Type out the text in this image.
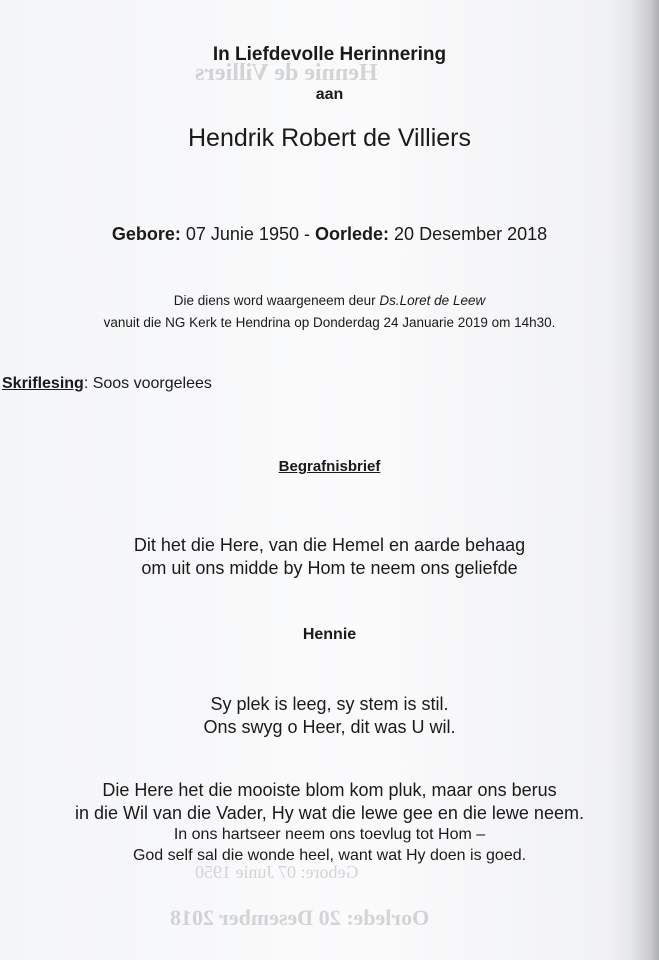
Hennie de Villiers
Gebore: 07 Junie 1950
Oorlede: 20 Desember 2018
In Liefdevolle Herinnering
aan
Hendrik Robert de Villiers
Gebore: 07 Junie 1950 - Oorlede: 20 Desember 2018
Die diens word waargeneem deur Ds.Loret de Leew
vanuit die NG Kerk te Hendrina op Donderdag 24 Januarie 2019 om 14h30.
Skriflesing: Soos voorgelees
Begrafnisbrief
Dit het die Here, van die Hemel en aarde behaag
om uit ons midde by Hom te neem ons geliefde
Hennie
Sy plek is leeg, sy stem is stil.
Ons swyg o Heer, dit was U wil.
Die Here het die mooiste blom kom pluk, maar ons berus
in die Wil van die Vader, Hy wat die lewe gee en die lewe neem.
In ons hartseer neem ons toevlug tot Hom –
God self sal die wonde heel, want wat Hy doen is goed.
